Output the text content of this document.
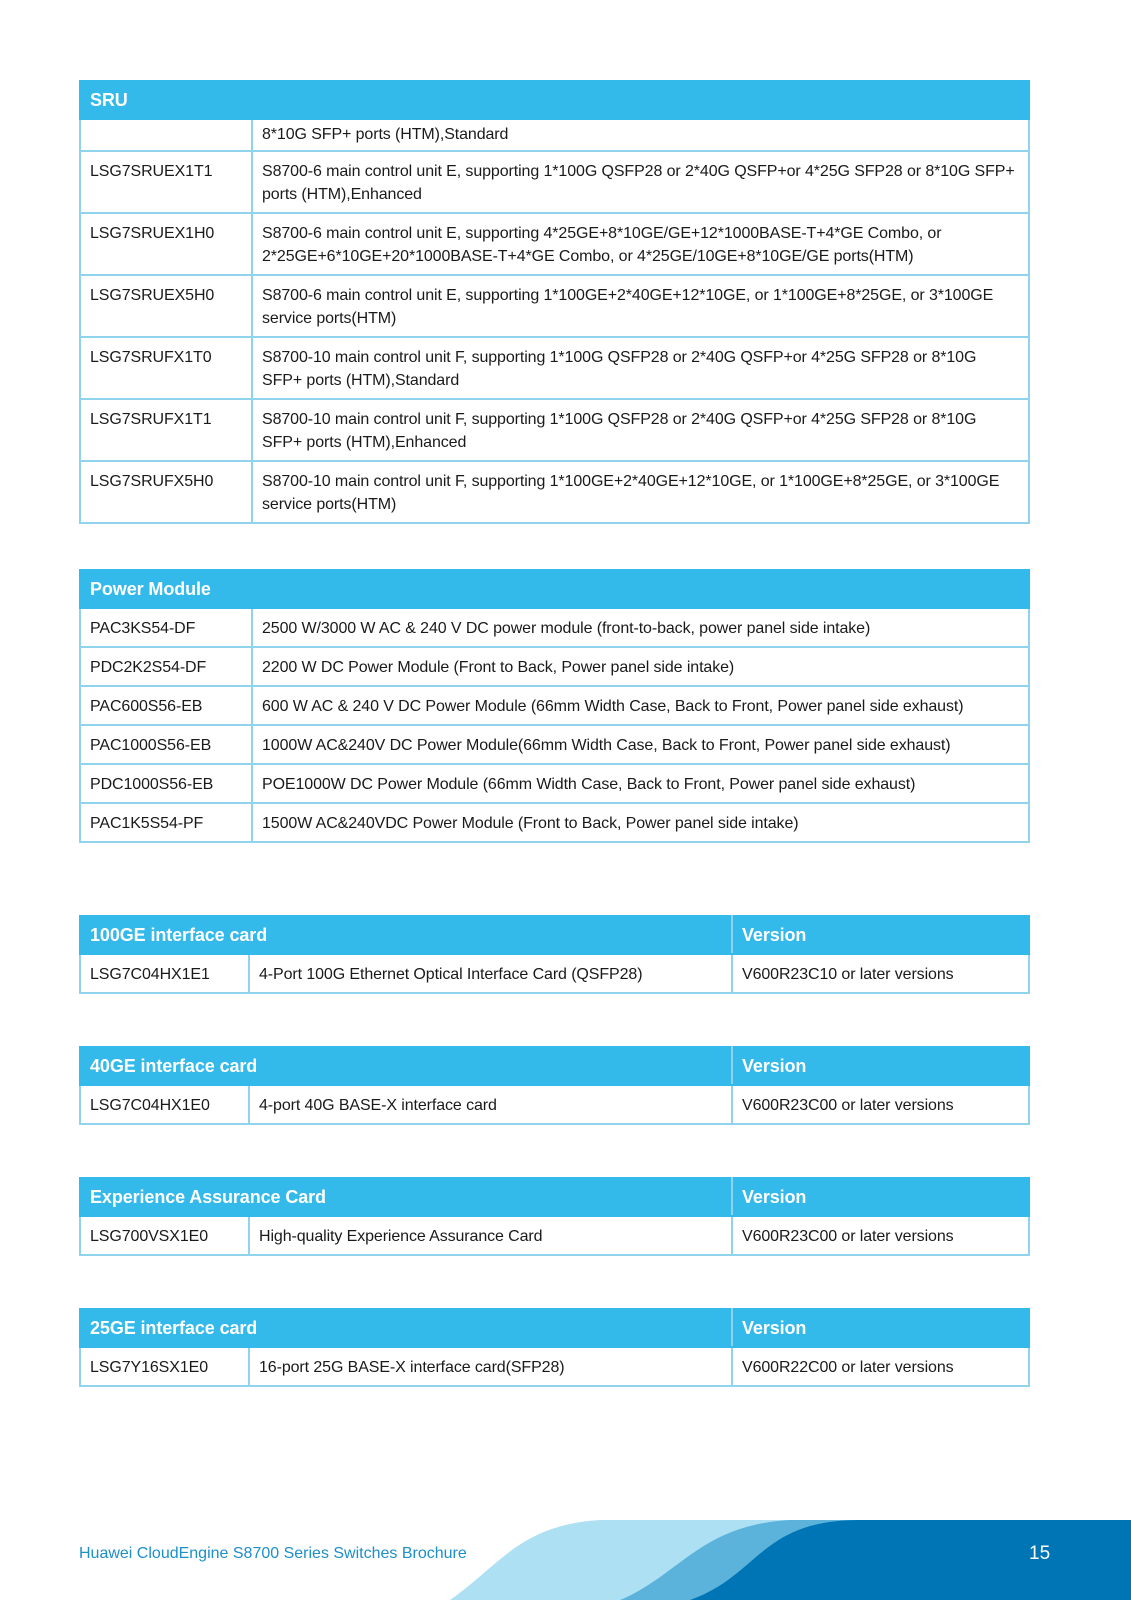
SRU	
	8*10G SFP+ ports (HTM),Standard
LSG7SRUEX1T1	S8700-6 main control unit E, supporting 1*100G QSFP28 or 2*40G QSFP+or 4*25G SFP28 or 8*10G SFP+ ports (HTM),Enhanced
LSG7SRUEX1H0	S8700-6 main control unit E, supporting 4*25GE+8*10GE/GE+12*1000BASE-T+4*GE Combo, or 2*25GE+6*10GE+20*1000BASE-T+4*GE Combo, or 4*25GE/10GE+8*10GE/GE ports(HTM)
LSG7SRUEX5H0	S8700-6 main control unit E, supporting 1*100GE+2*40GE+12*10GE, or 1*100GE+8*25GE, or 3*100GE service ports(HTM)
LSG7SRUFX1T0	S8700-10 main control unit F, supporting 1*100G QSFP28 or 2*40G QSFP+or 4*25G SFP28 or 8*10G SFP+ ports (HTM),Standard
LSG7SRUFX1T1	S8700-10 main control unit F, supporting 1*100G QSFP28 or 2*40G QSFP+or 4*25G SFP28 or 8*10G SFP+ ports (HTM),Enhanced
LSG7SRUFX5H0	S8700-10 main control unit F, supporting 1*100GE+2*40GE+12*10GE, or 1*100GE+8*25GE, or 3*100GE service ports(HTM)
Power Module	
PAC3KS54-DF	2500 W/3000 W AC & 240 V DC power module (front-to-back, power panel side intake)
PDC2K2S54-DF	2200 W DC Power Module (Front to Back, Power panel side intake)
PAC600S56-EB	600 W AC & 240 V DC Power Module (66mm Width Case, Back to Front, Power panel side exhaust)
PAC1000S56-EB	1000W AC&240V DC Power Module(66mm Width Case, Back to Front, Power panel side exhaust)
PDC1000S56-EB	POE1000W DC Power Module (66mm Width Case, Back to Front, Power panel side exhaust)
PAC1K5S54-PF	1500W AC&240VDC Power Module (Front to Back, Power panel side intake)
100GE interface card		Version
LSG7C04HX1E1	4-Port 100G Ethernet Optical Interface Card (QSFP28)	V600R23C10 or later versions
40GE interface card		Version
LSG7C04HX1E0	4-port 40G BASE-X interface card	V600R23C00 or later versions
Experience Assurance Card		Version
LSG700VSX1E0	High-quality Experience Assurance Card	V600R23C00 or later versions
25GE interface card		Version
LSG7Y16SX1E0	16-port 25G BASE-X interface card(SFP28)	V600R22C00 or later versions
Huawei CloudEngine S8700 Series Switches Brochure	15
